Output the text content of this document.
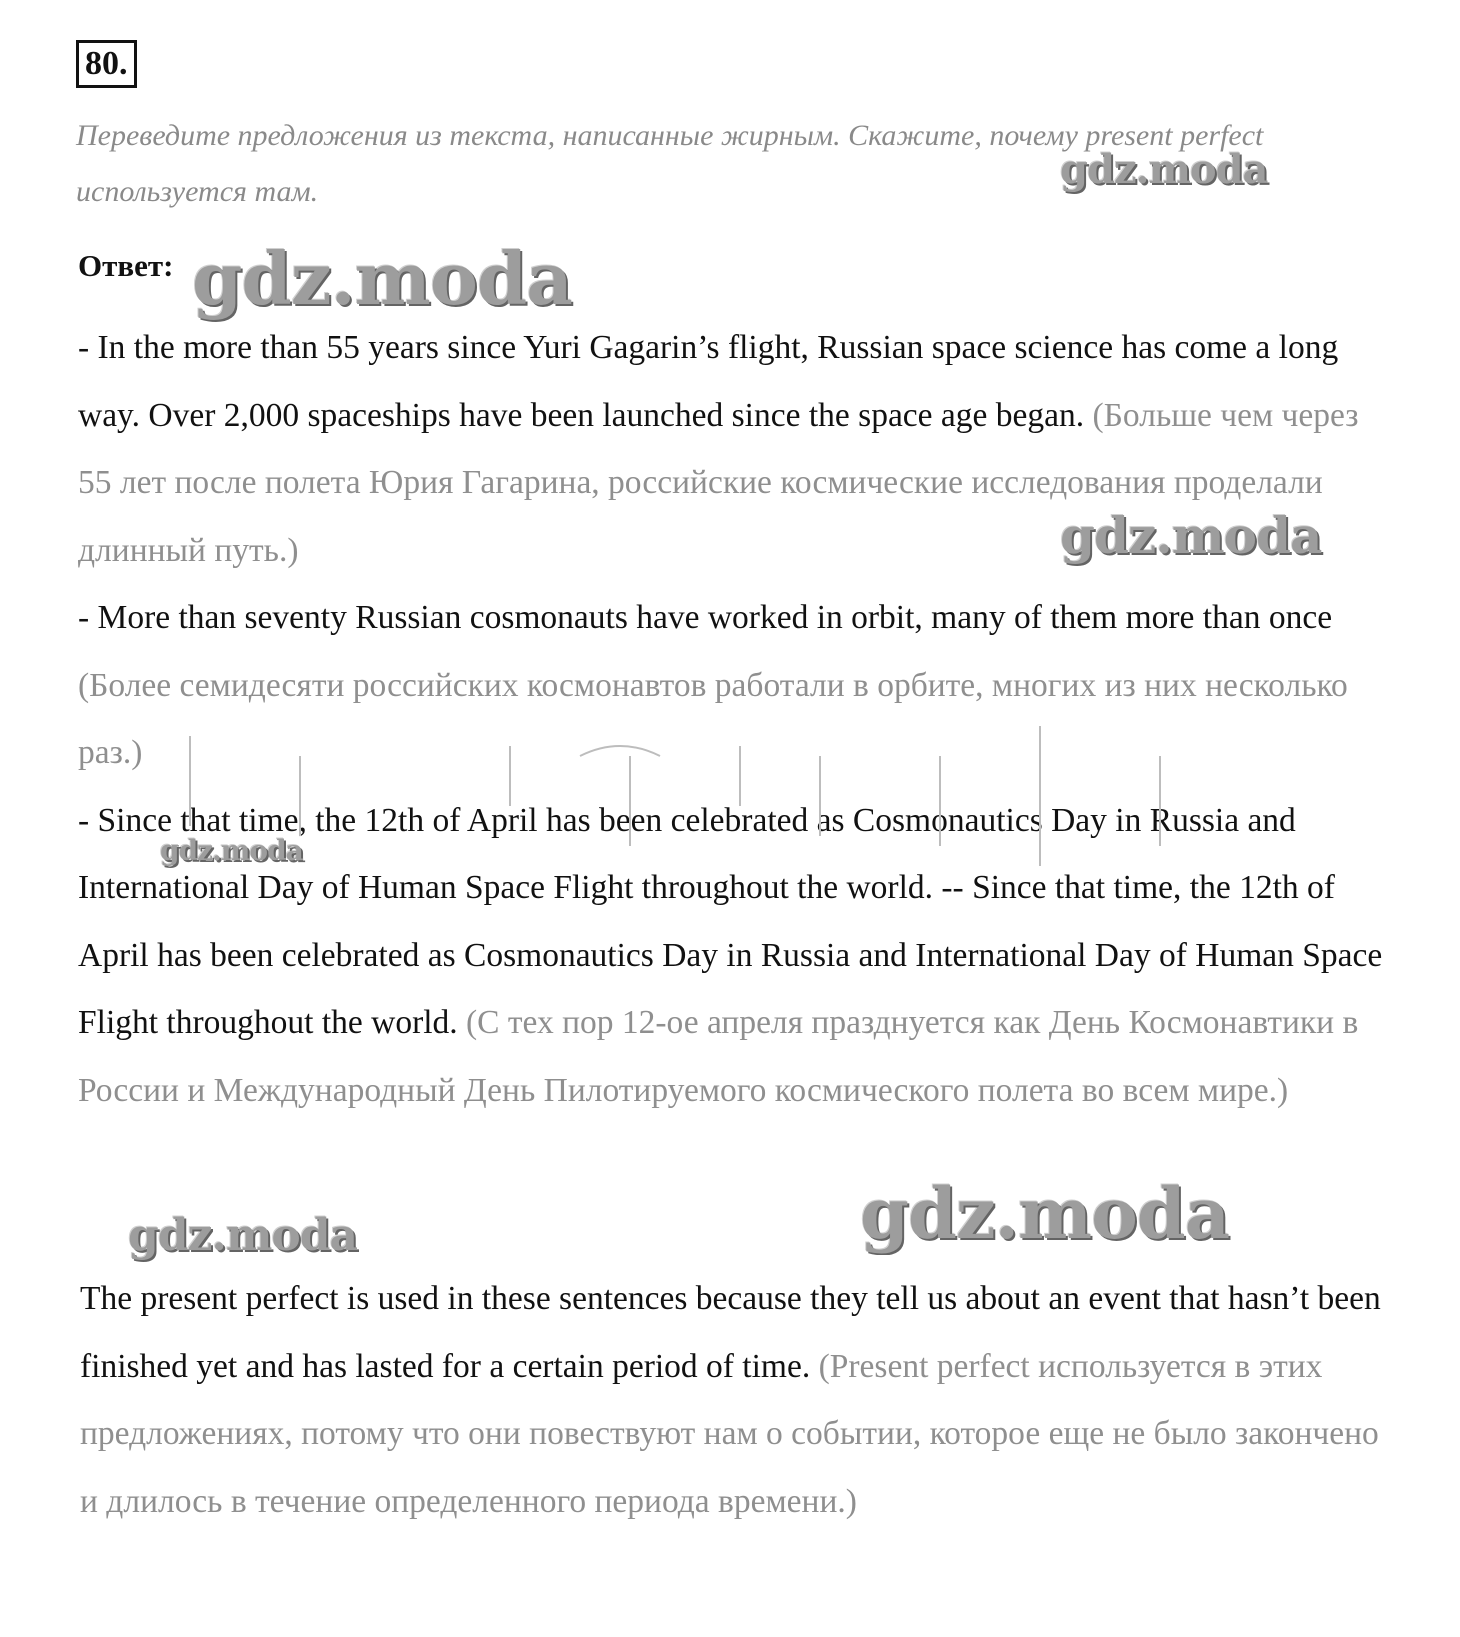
80.

Переведите предложения из текста, написанные жирным. Скажите, почему present perfect используется там.	gdz.moda
Ответ: gdz.moda

- In the more than 55 years since Yuri Gagarin’s flight, Russian space science has come a long way. Over 2,000 spaceships have been launched since the space age began. (Больше чем через 55 лет после полета Юрия Гагарина, российские космические исследования проделали длинный путь.)

- More than seventy Russian cosmonauts have worked in orbit, many of them more than once (Более семидесяти российских космонавтов работали в орбите, многих из них несколько раз.)

- Since that time, the 12th of April has been celebrated as Cosmonautics Day in Russia and International Day of Human Space Flight throughout the world. -- Since that time, the 12th of April has been celebrated as Cosmonautics Day in Russia and International Day of Human Space Flight throughout the world. (С тех пор 12-ое апреля празднуется как День Космонавтики в России и Международный День Пилотируемого космического полета во всем мире.)

gdz.moda
gdz.moda
gdz.moda	gdz.moda

The present perfect is used in these sentences because they tell us about an event that hasn’t been finished yet and has lasted for a certain period of time. (Present perfect используется в этих предложениях, потому что они повествуют нам о событии, которое еще не было закончено и длилось в течение определенного периода времени.)
